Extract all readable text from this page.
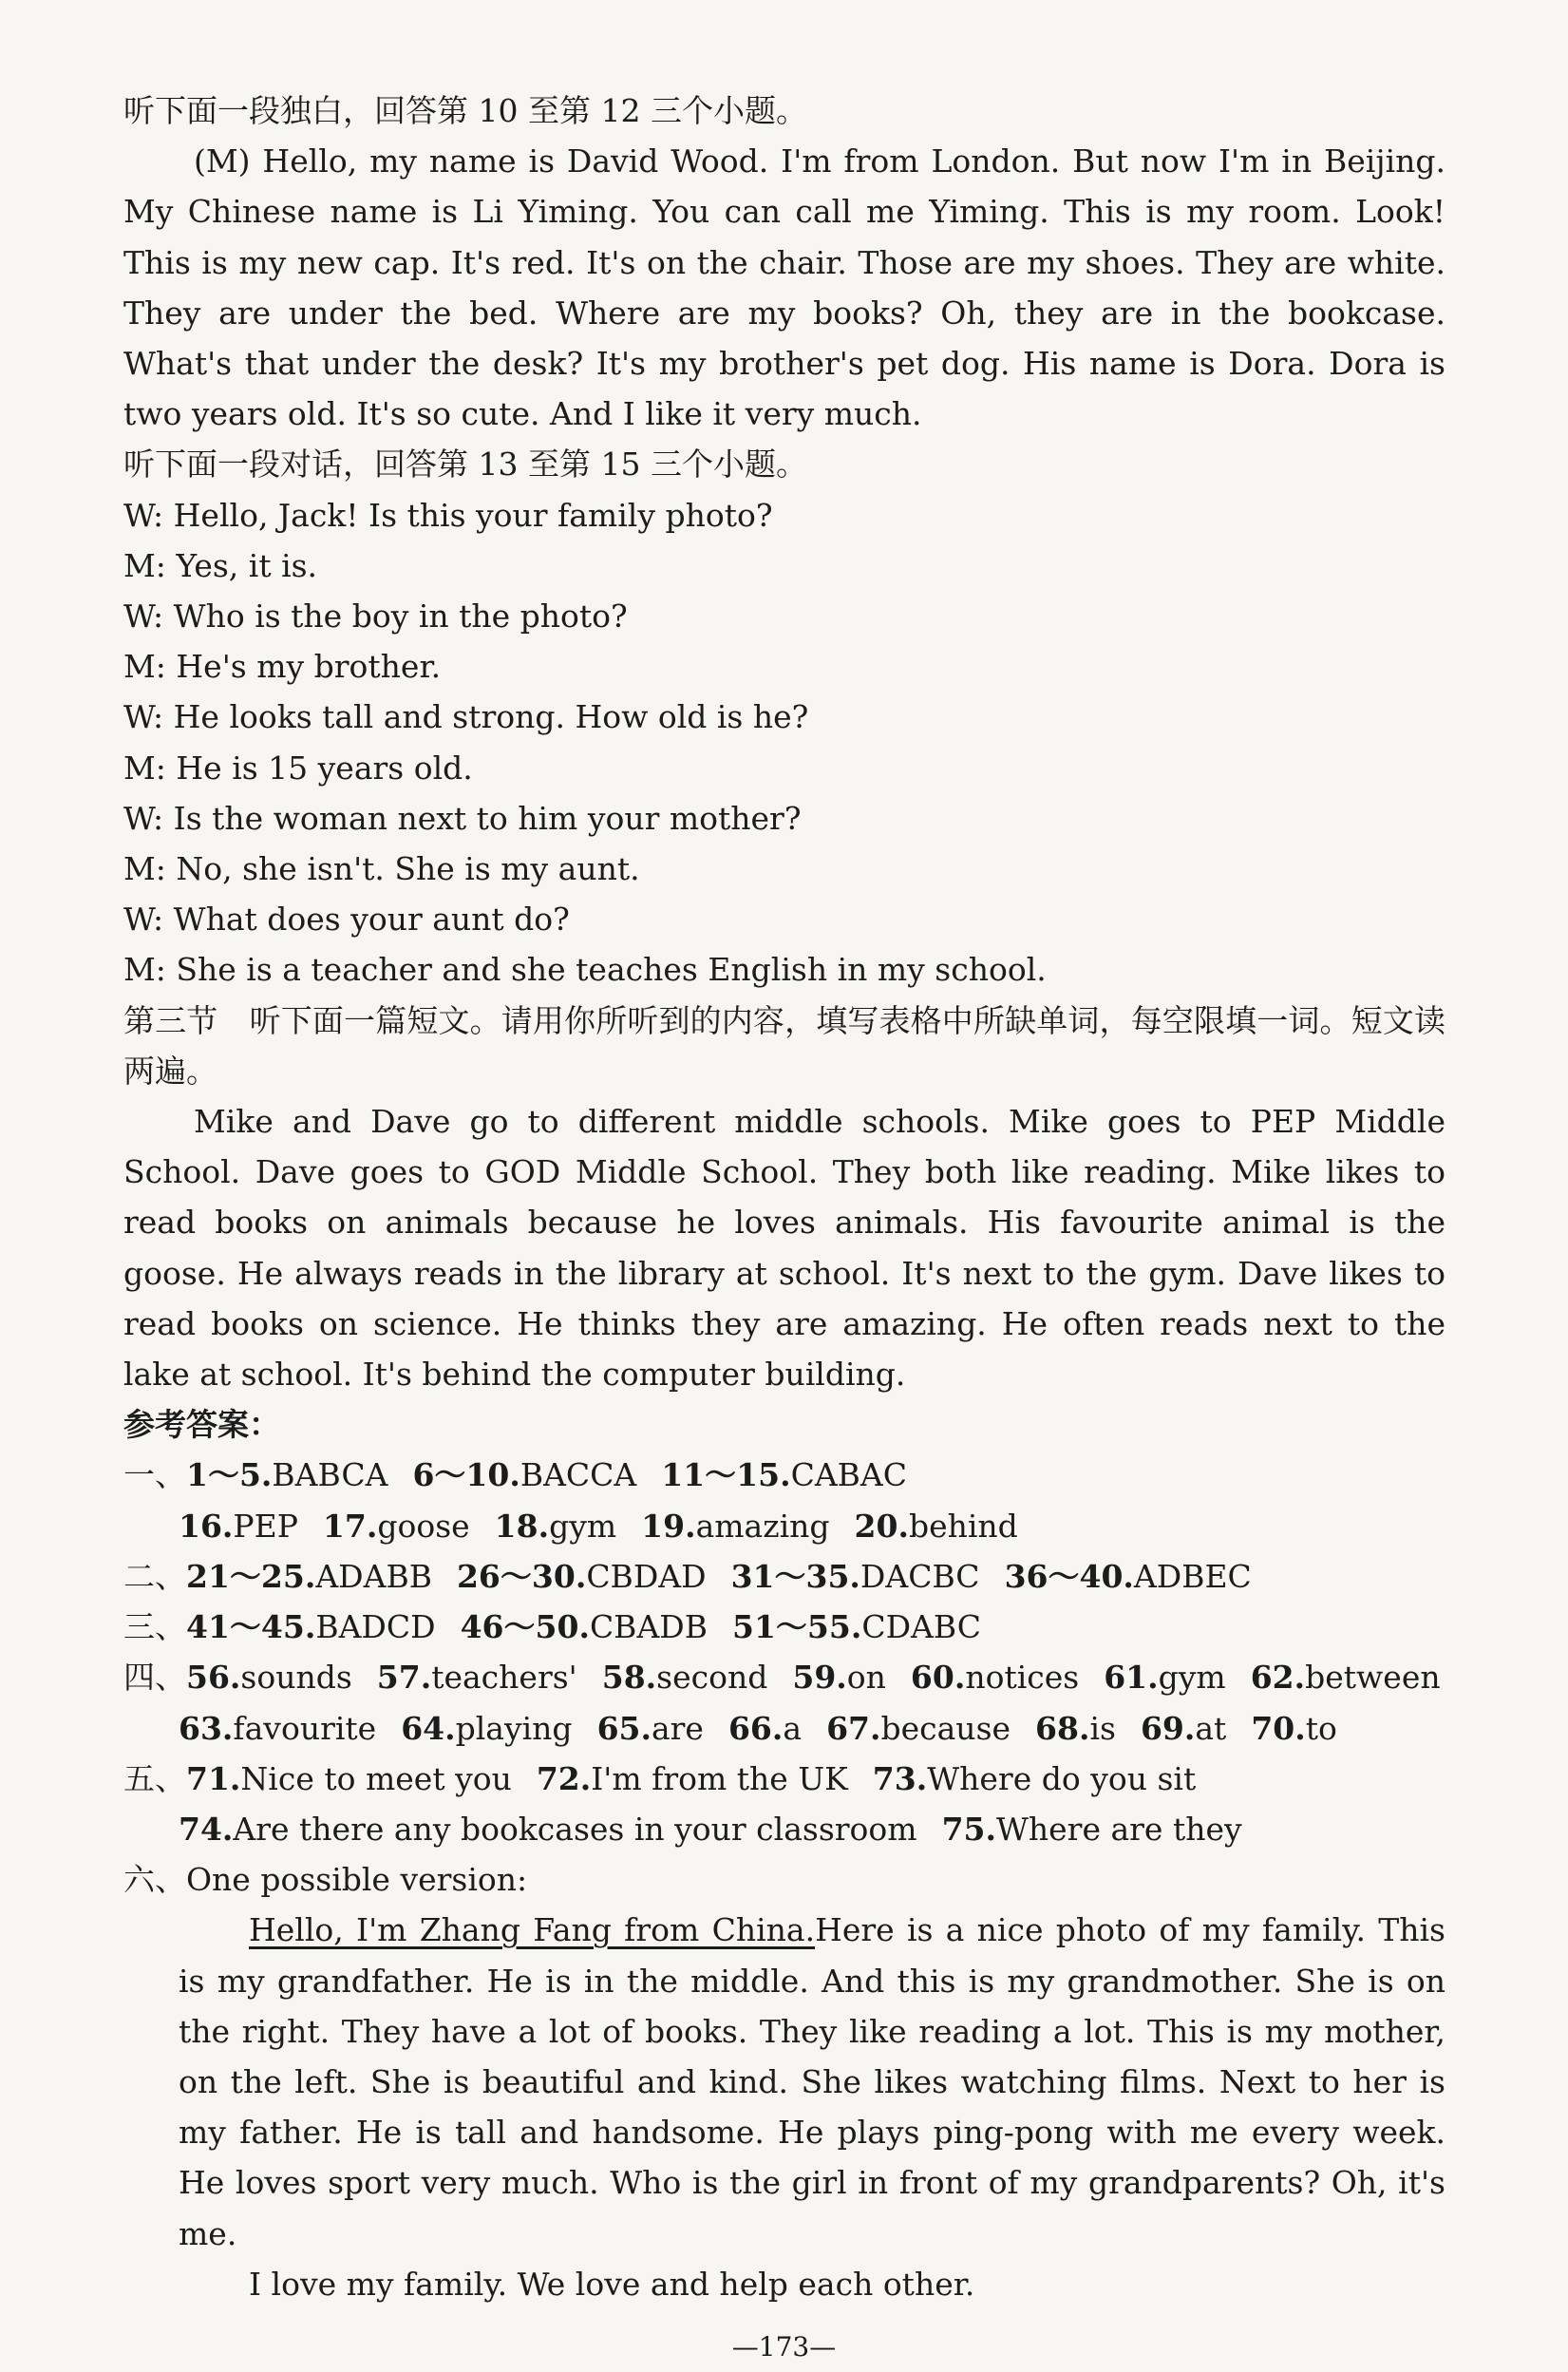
听下面一段独白，回答第 10 至第 12 三个小题。

(M) Hello, my name is David Wood. I'm from London. But now I'm in Beijing. My Chinese name is Li Yiming. You can call me Yiming. This is my room. Look! This is my new cap. It's red. It's on the chair. Those are my shoes. They are white. They are under the bed. Where are my books? Oh, they are in the bookcase. What's that under the desk? It's my brother's pet dog. His name is Dora. Dora is two years old. It's so cute. And I like it very much.

听下面一段对话，回答第 13 至第 15 三个小题。

W: Hello, Jack! Is this your family photo?

M: Yes, it is.

W: Who is the boy in the photo?

M: He's my brother.

W: He looks tall and strong. How old is he?

M: He is 15 years old.

W: Is the woman next to him your mother?

M: No, she isn't. She is my aunt.

W: What does your aunt do?

M: She is a teacher and she teaches English in my school.

第三节　听下面一篇短文。请用你所听到的内容，填写表格中所缺单词，每空限填一词。短文读两遍。

Mike and Dave go to different middle schools. Mike goes to PEP Middle School. Dave goes to GOD Middle School. They both like reading. Mike likes to read books on animals because he loves animals. His favourite animal is the goose. He always reads in the library at school. It's next to the gym. Dave likes to read books on science. He thinks they are amazing. He often reads next to the lake at school. It's behind the computer building.

参考答案：

一、1～5.BABCA 6～10.BACCA 11～15.CABAC

16.PEP 17.goose 18.gym 19.amazing 20.behind

二、21～25.ADABB 26～30.CBDAD 31～35.DACBC 36～40.ADBEC

三、41～45.BADCD 46～50.CBADB 51～55.CDABC

四、56.sounds 57.teachers' 58.second 59.on 60.notices 61.gym 62.between

63.favourite 64.playing 65.are 66.a 67.because 68.is 69.at 70.to

五、71.Nice to meet you 72.I'm from the UK 73.Where do you sit

74.Are there any bookcases in your classroom 75.Where are they

六、One possible version:

Hello, I'm Zhang Fang from China.Here is a nice photo of my family. This is my grandfather. He is in the middle. And this is my grandmother. She is on the right. They have a lot of books. They like reading a lot. This is my mother, on the left. She is beautiful and kind. She likes watching films. Next to her is my father. He is tall and handsome. He plays ping-pong with me every week. He loves sport very much. Who is the girl in front of my grandparents? Oh, it's me.

I love my family. We love and help each other.

—173—
